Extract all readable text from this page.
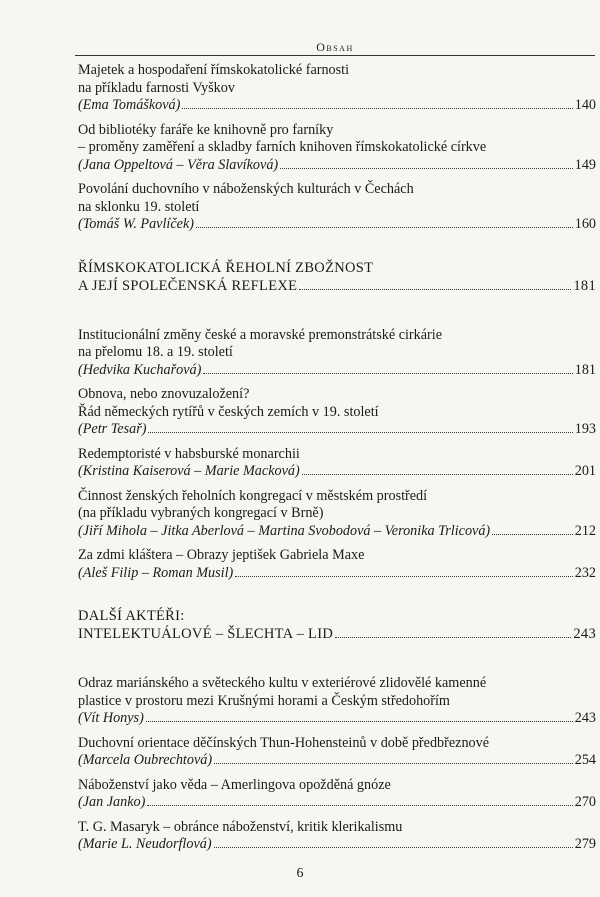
Obsah
Majetek a hospodaření římskokatolické farnosti
na příkladu farnosti Vyškov
(Ema Tomášková)	140
Od bibliotéky faráře ke knihovně pro farníky
– proměny zaměření a skladby farních knihoven římskokatolické církve
(Jana Oppeltová – Věra Slavíková)	149
Povolání duchovního v náboženských kulturách v Čechách
na sklonku 19. století
(Tomáš W. Pavlíček)	160
ŘÍMSKOKATOLICKÁ ŘEHOLNÍ ZBOŽNOST
A JEJÍ SPOLEČENSKÁ REFLEXE	181
Institucionální změny české a moravské premonstrátské cirkárie
na přelomu 18. a 19. století
(Hedvika Kuchařová)	181
Obnova, nebo znovuzaložení?
Řád německých rytířů v českých zemích v 19. století
(Petr Tesař)	193
Redemptoristé v habsburské monarchii
(Kristina Kaiserová – Marie Macková)	201
Činnost ženských řeholních kongregací v městském prostředí
(na příkladu vybraných kongregací v Brně)
(Jiří Mihola – Jitka Aberlová – Martina Svobodová – Veronika Trlicová)	212
Za zdmi kláštera – Obrazy jeptišek Gabriela Maxe
(Aleš Filip – Roman Musil)	232
DALŠÍ AKTÉŘI:
INTELEKTUÁLOVÉ – ŠLECHTA – LID	243
Odraz mariánského a světeckého kultu v exteriérové zlidovělé kamenné
plastice v prostoru mezi Krušnými horami a Českým středohořím
(Vít Honys)	243
Duchovní orientace děčínských Thun-Hohensteinů v době předbřeznové
(Marcela Oubrechtová)	254
Náboženství jako věda – Amerlingova opožděná gnóze
(Jan Janko)	270
T. G. Masaryk – obránce náboženství, kritik klerikalismu
(Marie L. Neudorflová)	279
6
